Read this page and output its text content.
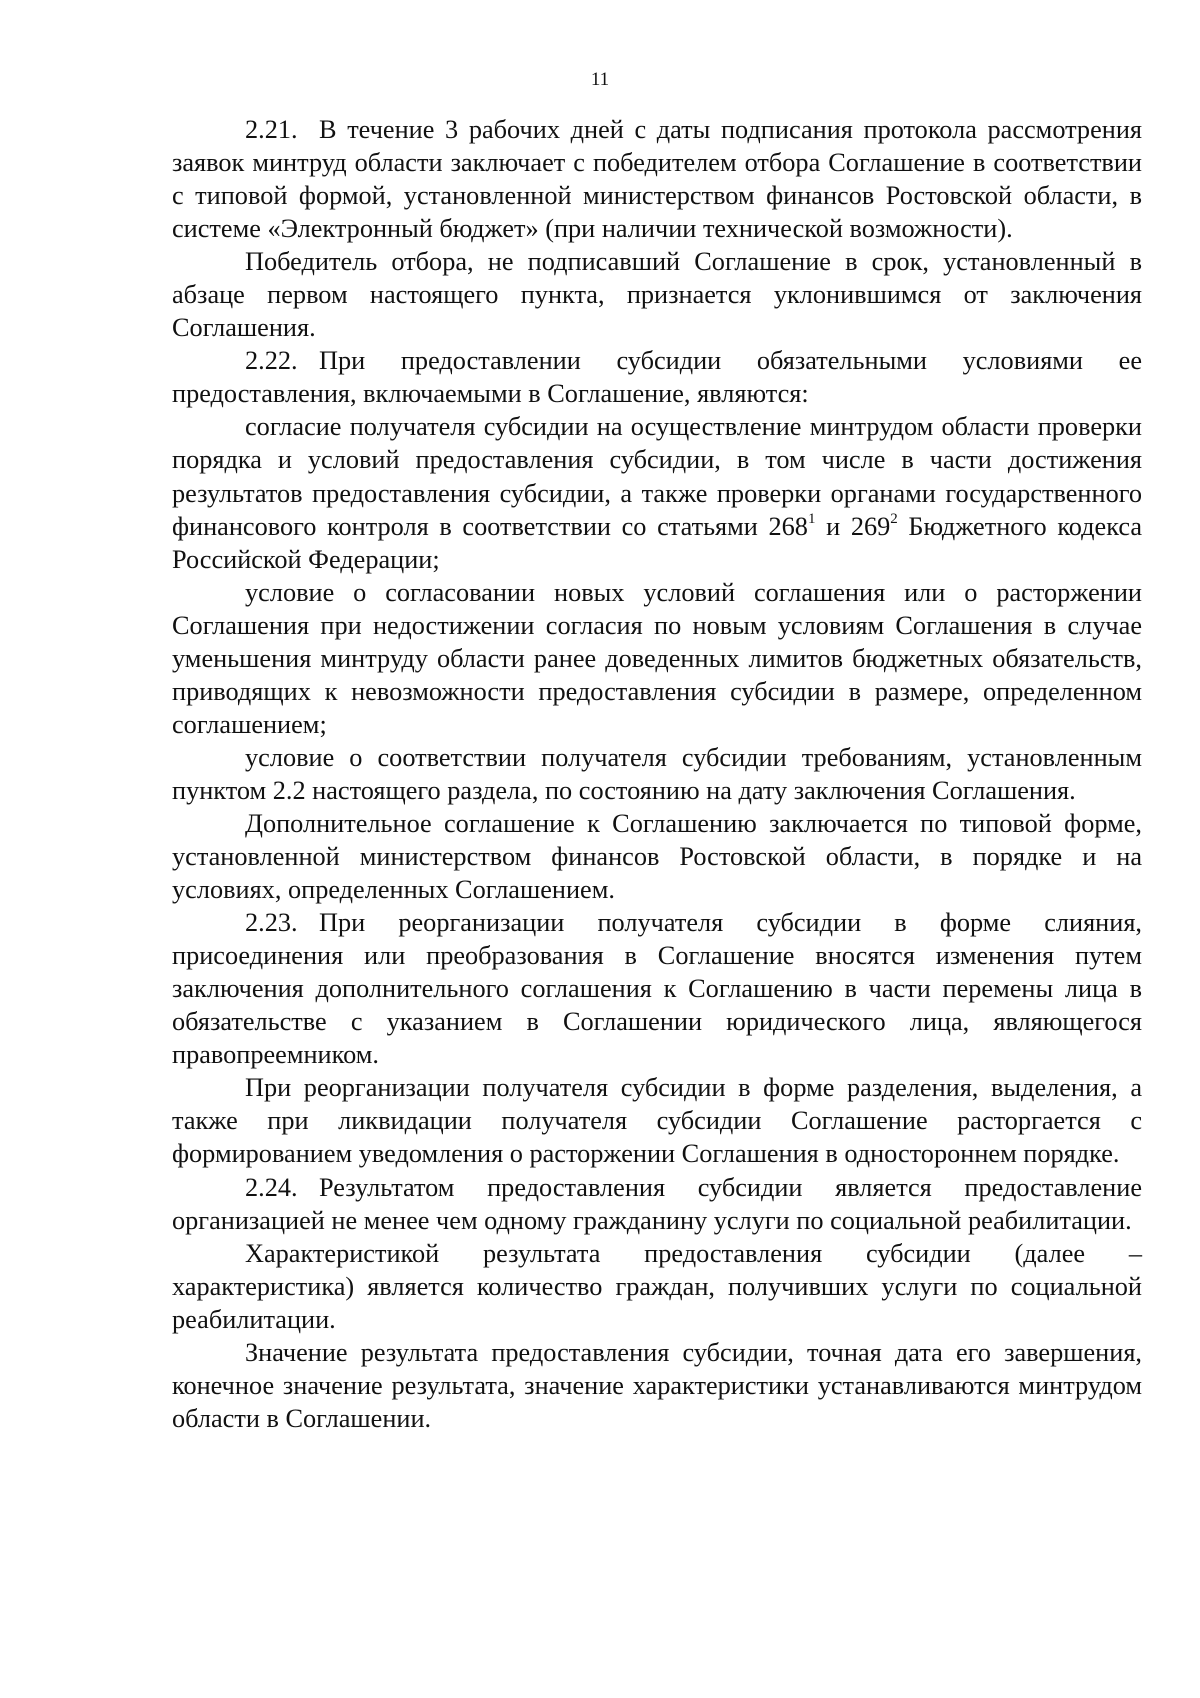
11

2.21. В течение 3 рабочих дней с даты подписания протокола рассмотрения заявок минтруд области заключает с победителем отбора Соглашение в соответствии с типовой формой, установленной министерством финансов Ростовской области, в системе «Электронный бюджет» (при наличии технической возможности).

Победитель отбора, не подписавший Соглашение в срок, установленный в абзаце первом настоящего пункта, признается уклонившимся от заключения Соглашения.

2.22. При предоставлении субсидии обязательными условиями ее предоставления, включаемыми в Соглашение, являются:

согласие получателя субсидии на осуществление минтрудом области проверки порядка и условий предоставления субсидии, в том числе в части достижения результатов предоставления субсидии, а также проверки органами государственного финансового контроля в соответствии со статьями $268^1$ и $269^2$ Бюджетного кодекса Российской Федерации;

условие о согласовании новых условий соглашения или о расторжении Соглашения при недостижении согласия по новым условиям Соглашения в случае уменьшения минтруду области ранее доведенных лимитов бюджетных обязательств, приводящих к невозможности предоставления субсидии в размере, определенном соглашением;

условие о соответствии получателя субсидии требованиям, установленным пунктом 2.2 настоящего раздела, по состоянию на дату заключения Соглашения.

Дополнительное соглашение к Соглашению заключается по типовой форме, установленной министерством финансов Ростовской области, в порядке и на условиях, определенных Соглашением.

2.23. При реорганизации получателя субсидии в форме слияния, присоединения или преобразования в Соглашение вносятся изменения путем заключения дополнительного соглашения к Соглашению в части перемены лица в обязательстве с указанием в Соглашении юридического лица, являющегося правопреемником.

При реорганизации получателя субсидии в форме разделения, выделения, а также при ликвидации получателя субсидии Соглашение расторгается с формированием уведомления о расторжении Соглашения в одностороннем порядке.

2.24. Результатом предоставления субсидии является предоставление организацией не менее чем одному гражданину услуги по социальной реабилитации.

Характеристикой результата предоставления субсидии (далее – характеристика) является количество граждан, получивших услуги по социальной реабилитации.

Значение результата предоставления субсидии, точная дата его завершения, конечное значение результата, значение характеристики устанавливаются минтрудом области в Соглашении.
